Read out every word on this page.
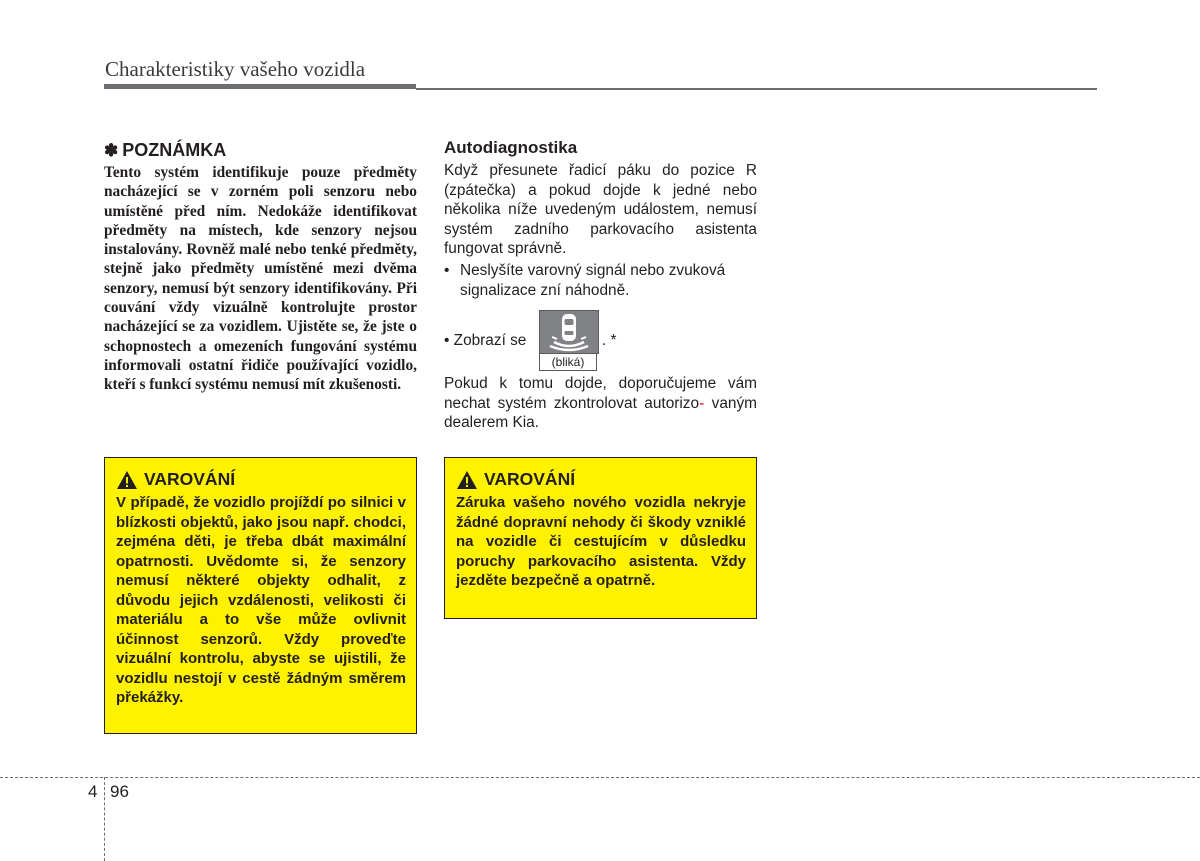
Charakteristiky vašeho vozidla
✽ POZNÁMKA

Tento systém identifikuje pouze předměty nacházející se v zorném poli senzoru nebo umístěné před ním. Nedokáže identifikovat předměty na místech, kde senzory nejsou instalovány. Rovněž malé nebo tenké předměty, stejně jako předměty umístěné mezi dvěma senzory, nemusí být senzory identifikovány. Při couvání vždy vizuálně kontrolujte prostor nacházející se za vozidlem. Ujistěte se, že jste o schopnostech a omezeních fungování systému informovali ostatní řidiče používající vozidlo, kteří s funkcí systému nemusí mít zkušenosti.

VAROVÁNÍ

V případě, že vozidlo projíždí po silnici v blízkosti objektů, jako jsou např. chodci, zejména děti, je třeba dbát maximální opatrnosti. Uvědomte si, že senzory nemusí některé objekty odhalit, z důvodu jejich vzdálenosti, velikosti či materiálu a to vše může ovlivnit účinnost senzorů. Vždy proveďte vizuální kontrolu, abyste se ujistili, že vozidlu nestojí v cestě žádným směrem překážky.

Autodiagnostika

Když přesunete řadicí páku do pozice R (zpátečka) a pokud dojde k jedné nebo několika níže uvedeným událostem, nemusí systém zadního parkovacího asistenta fungovat správně.

• Neslyšíte varovný signál nebo zvuková signalizace zní náhodně.
• Zobrazí se
(bliká)
. *

Pokud k tomu dojde, doporučujeme vám nechat systém zkontrolovat autorizo- vaným dealerem Kia.

VAROVÁNÍ

Záruka vašeho nového vozidla nekryje žádné dopravní nehody či škody vzniklé na vozidle či cestujícím v důsledku poruchy parkovacího asistenta. Vždy jezděte bezpečně a opatrně.

4 96
